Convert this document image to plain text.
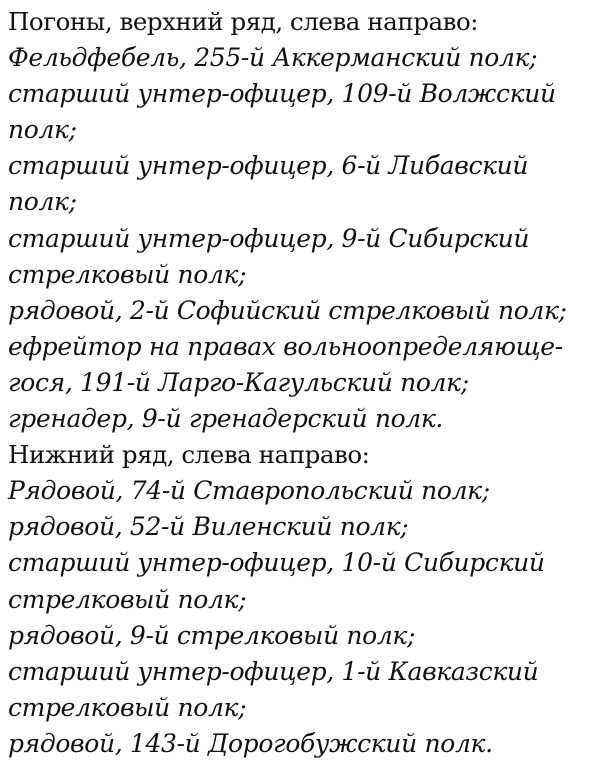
Погоны, верхний ряд, слева направо:
Фельдфебель, 255-й Аккерманский полк;
старший унтер-офицер, 109-й Волжский
полк;
старший унтер-офицер, 6-й Либавский
полк;
старший унтер-офицер, 9-й Сибирский
стрелковый полк;
рядовой, 2-й Софийский стрелковый полк;
ефрейтор на правах вольноопределяюще-
гося, 191-й Ларго-Кагульский полк;
гренадер, 9-й гренадерский полк.
Нижний ряд, слева направо:
Рядовой, 74-й Ставропольский полк;
рядовой, 52-й Виленский полк;
старший унтер-офицер, 10-й Сибирский
стрелковый полк;
рядовой, 9-й стрелковый полк;
старший унтер-офицер, 1-й Кавказский
стрелковый полк;
рядовой, 143-й Дорогобужский полк.
